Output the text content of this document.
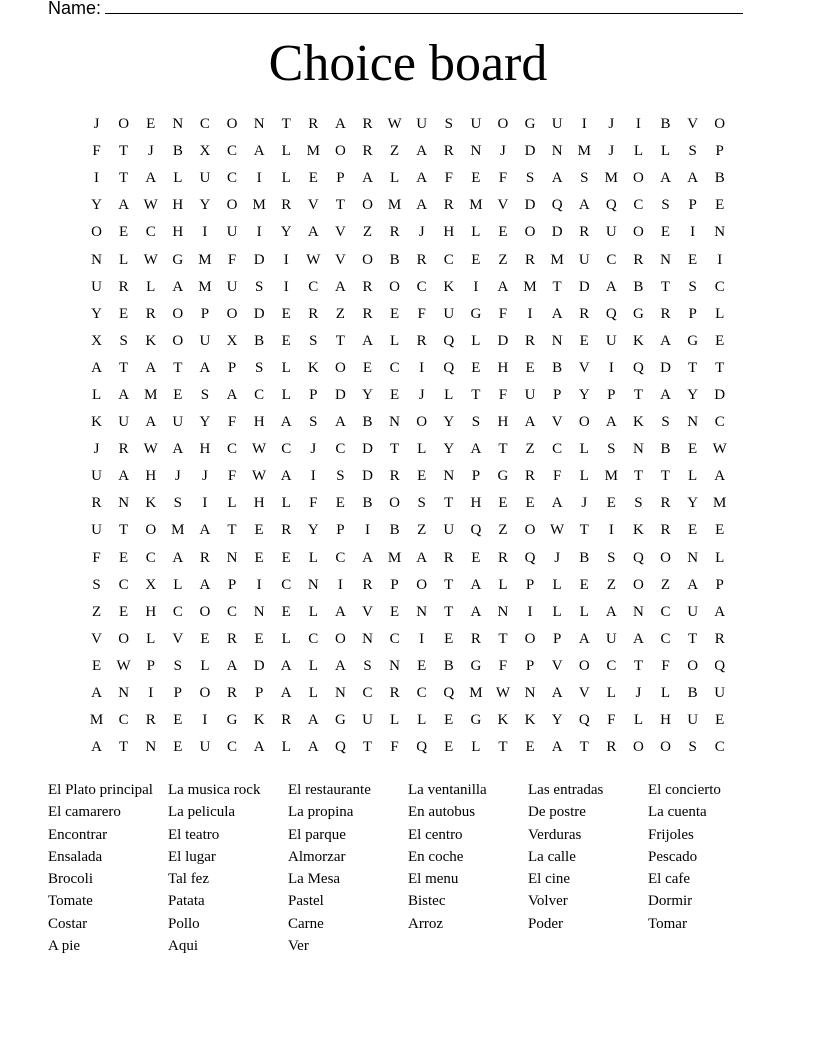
Name:
Choice board
J	O	E	N	C	O	N	T	R	A	R	W U	S	U	O	G	U	I	J	I	B	V	O
F	T	J	B	X	C	A	L	M	O	R	Z	A	R	N	J	D	N	M	J	L	L	S	P
I	T	A	L	U	C	I	L	E	P	A	L	A	F	E	F	S	A	S	M	O	A	A	B
Y	A W H	Y	O	M	R	V	T	O	M	A	R	M	V	D	Q	A	Q	C	S	P	E
O	E	C	H	I	U	I	Y	A	V	Z	R	J	H	L	E	O	D	R	U	O	E	I	N
N	L	W G	M	F	D	I	W V	O	B	R	C	E	Z	R	M	U	C	R	N	E	I
U	R	L	A	M	U	S	I	C	A	R	O	C	K	I	A	M	T	D	A	B	T	S	C
Y	E	R	O	P	O	D	E	R	Z	R	E	F	U	G	F	I	A	R	Q	G	R	P	L
X	S	K	O	U	X	B	E	S	T	A	L	R	Q	L	D	R	N	E	U	K	A	G	E
A	T	A	T	A	P	S	L	K	O	E	C	I	Q	E	H	E	B	V	I	Q	D	T	T
L	A	M	E	S	A	C	L	P	D	Y	E	J	L	T	F	U	P	Y	P	T	A	Y	D
K	U	A	U	Y	F	H	A	S	A	B	N	O	Y	S	H	A	V	O	A	K	S	N	C
J	R	W A	H	C	W	C	J	C	D	T	L	Y	A	T	Z	C	L	S	N	B	E	W
U	A	H	J	J	F	W A	I	S	D	R	E	N	P	G	R	F	L	M	T	T	L	A
R	N	K	S	I	L	H	L	F	E	B	O	S	T	H	E	E	A	J	E	S	R	Y	M
U	T	O	M	A	T	E	R	Y	P	I	B	Z	U	Q	Z	O W	T	I	K	R	E	E
F	E	C	A	R	N	E	E	L	C	A	M	A	R	E	R	Q	J	B	S	Q	O	N	L
S	C	X	L	A	P	I	C	N	I	R	P	O	T	A	L	P	L	E	Z	O	Z	A	P
Z	E	H	C	O	C	N	E	L	A	V	E	N	T	A	N	I	L	L	A	N	C	U	A
V	O	L	V	E	R	E	L	C	O	N	C	I	E	R	T	O	P	A	U	A	C	T	R
E	W	P	S	L	A	D	A	L	A	S	N	E	B	G	F	P	V	O	C	T	F	O	Q
A	N	I	P	O	R	P	A	L	N	C	R	C	Q	M W N	A	V	L	J	L	B	U
M	C	R	E	I	G	K	R	A	G	U	L	L	E	G	K	K	Y	Q	F	L	H	U	E
A	T	N	E	U	C	A	L	A	Q	T	F	Q	E	L	T	E	A	T	R	O	O	S	C
El Plato principal	La musica rock	El restaurante	La ventanilla	Las entradas	El concierto
El camarero	La pelicula	La propina	En autobus	De postre	La cuenta
Encontrar	El teatro	El parque	El centro	Verduras	Frijoles
Ensalada	El lugar	Almorzar	En coche	La calle	Pescado
Brocoli	Tal fez	La Mesa	El menu	El cine	El cafe
Tomate	Patata	Pastel	Bistec	Volver	Dormir
Costar	Pollo	Carne	Arroz	Poder	Tomar
A pie	Aqui	Ver
